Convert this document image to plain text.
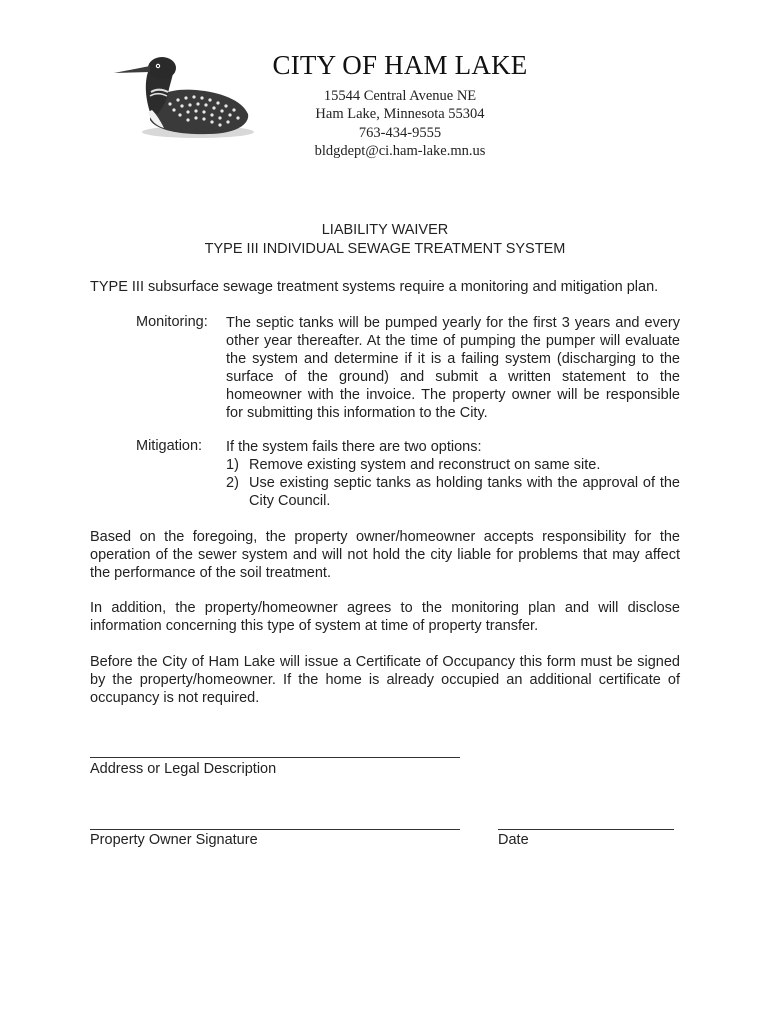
CITY OF HAM LAKE
15544 Central Avenue NE
Ham Lake, Minnesota 55304
763-434-9555
bldgdept@ci.ham-lake.mn.us
LIABILITY WAIVER
TYPE III INDIVIDUAL SEWAGE TREATMENT SYSTEM
TYPE III subsurface sewage treatment systems require a monitoring and mitigation plan.
Monitoring: The septic tanks will be pumped yearly for the first 3 years and every other year thereafter. At the time of pumping the pumper will evaluate the system and determine if it is a failing system (discharging to the surface of the ground) and submit a written statement to the homeowner with the invoice. The property owner will be responsible for submitting this information to the City.
Mitigation: If the system fails there are two options:
1) Remove existing system and reconstruct on same site.
2) Use existing septic tanks as holding tanks with the approval of the City Council.
Based on the foregoing, the property owner/homeowner accepts responsibility for the operation of the sewer system and will not hold the city liable for problems that may affect the performance of the soil treatment.
In addition, the property/homeowner agrees to the monitoring plan and will disclose information concerning this type of system at time of property transfer.
Before the City of Ham Lake will issue a Certificate of Occupancy this form must be signed by the property/homeowner. If the home is already occupied an additional certificate of occupancy is not required.
Address or Legal Description
Property Owner Signature	Date
